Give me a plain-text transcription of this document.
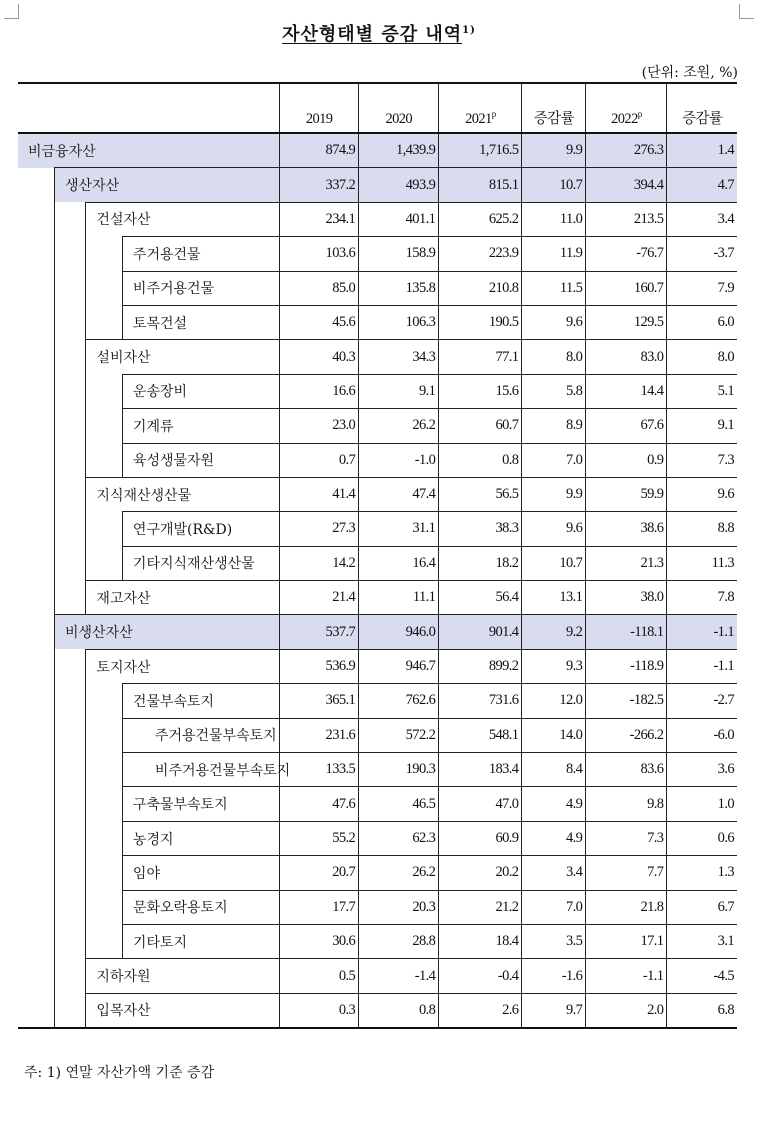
자산형태별 증감 내역$^{1)}$
(단위: 조원, %)
				2019	2020	2021$^p$	증감률	2022$^p$	증감률
비금융자산				874.9	1,439.9	1,716.5	9.9	276.3	1.4
	생산자산			337.2	493.9	815.1	10.7	394.4	4.7
		건설자산		234.1	401.1	625.2	11.0	213.5	3.4
			주거용건물	103.6	158.9	223.9	11.9	-76.7	-3.7
			비주거용건물	85.0	135.8	210.8	11.5	160.7	7.9
			토목건설	45.6	106.3	190.5	9.6	129.5	6.0
		설비자산		40.3	34.3	77.1	8.0	83.0	8.0
			운송장비	16.6	9.1	15.6	5.8	14.4	5.1
			기계류	23.0	26.2	60.7	8.9	67.6	9.1
			육성생물자원	0.7	-1.0	0.8	7.0	0.9	7.3
		지식재산생산물		41.4	47.4	56.5	9.9	59.9	9.6
			연구개발(R&D)	27.3	31.1	38.3	9.6	38.6	8.8
			기타지식재산생산물	14.2	16.4	18.2	10.7	21.3	11.3
		재고자산		21.4	11.1	56.4	13.1	38.0	7.8
	비생산자산			537.7	946.0	901.4	9.2	-118.1	-1.1
		토지자산		536.9	946.7	899.2	9.3	-118.9	-1.1
			건물부속토지	365.1	762.6	731.6	12.0	-182.5	-2.7
			주거용건물부속토지	231.6	572.2	548.1	14.0	-266.2	-6.0
			비주거용건물부속토지	133.5	190.3	183.4	8.4	83.6	3.6
			구축물부속토지	47.6	46.5	47.0	4.9	9.8	1.0
			농경지	55.2	62.3	60.9	4.9	7.3	0.6
			임야	20.7	26.2	20.2	3.4	7.7	1.3
			문화오락용토지	17.7	20.3	21.2	7.0	21.8	6.7
			기타토지	30.6	28.8	18.4	3.5	17.1	3.1
		지하자원		0.5	-1.4	-0.4	-1.6	-1.1	-4.5
		입목자산		0.3	0.8	2.6	9.7	2.0	6.8
주: 1) 연말 자산가액 기준 증감
